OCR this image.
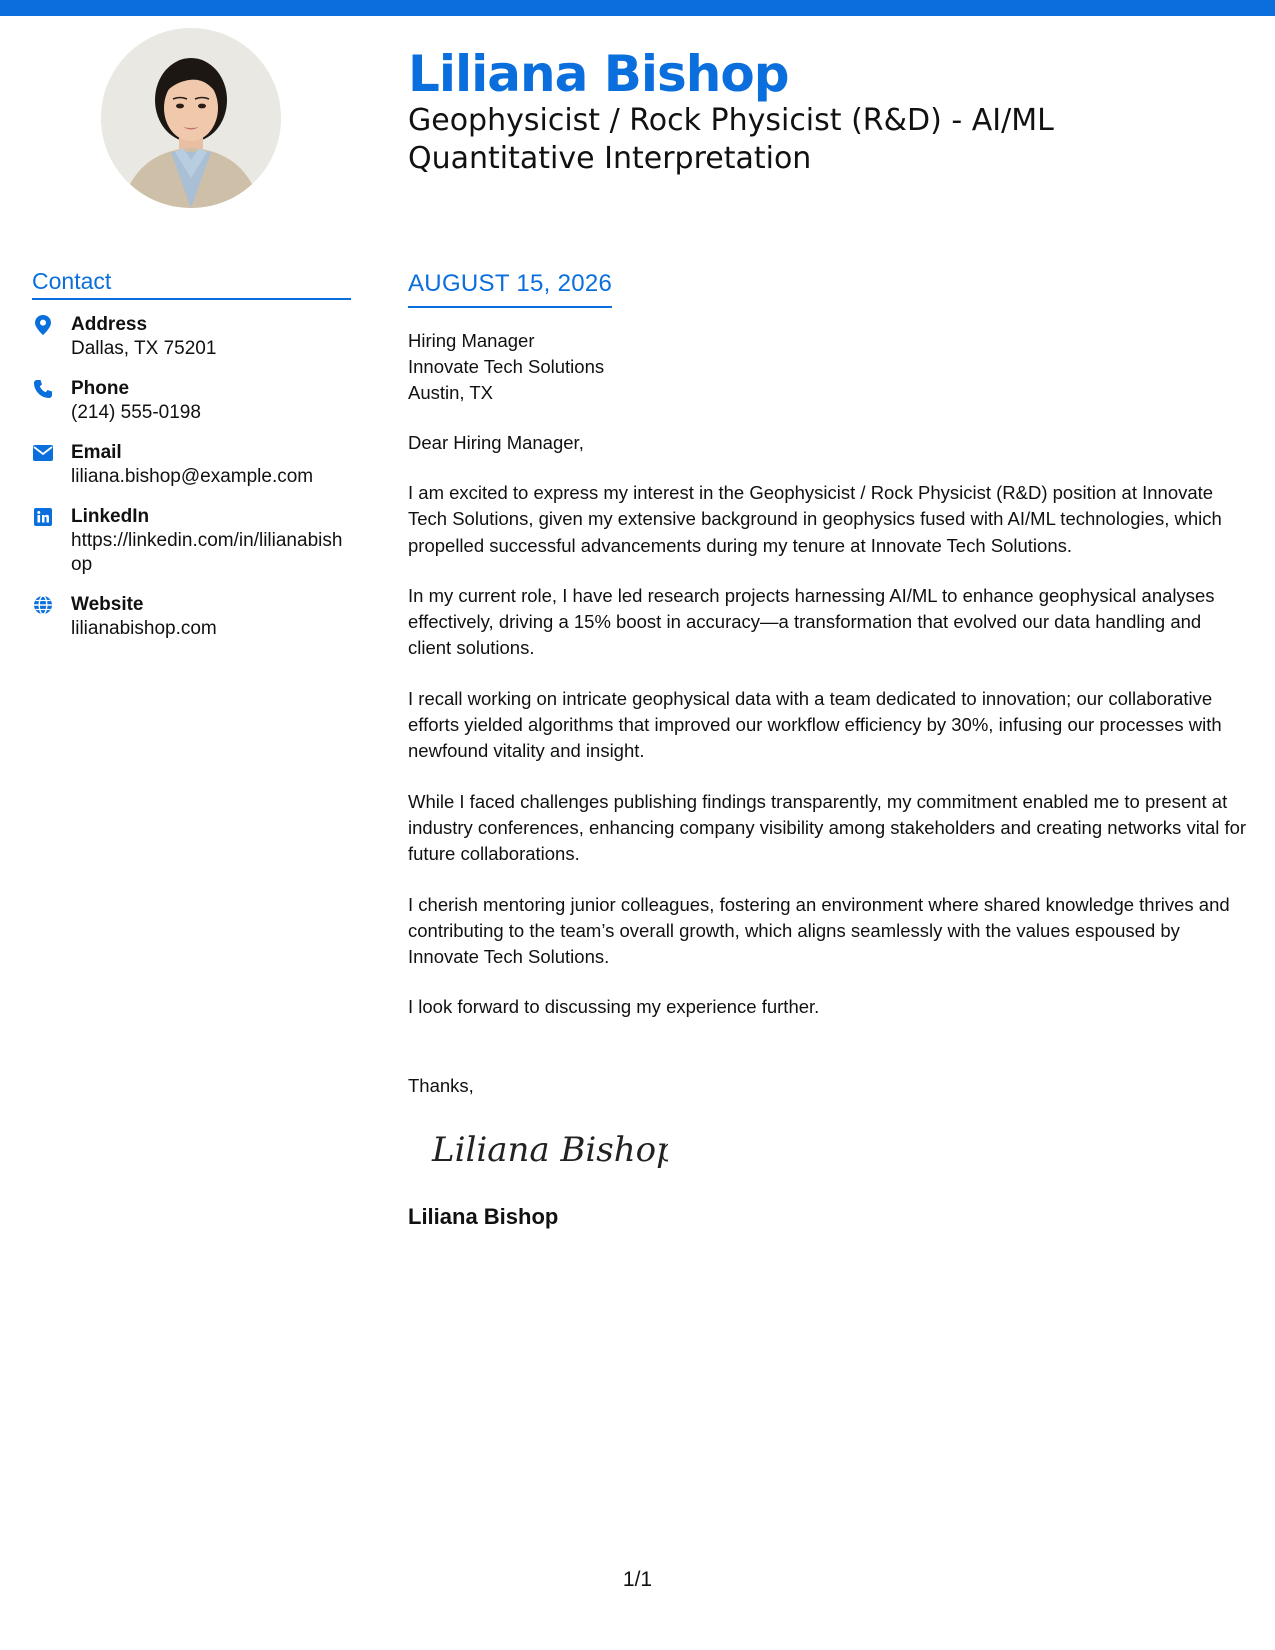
Liliana Bishop
Geophysicist / Rock Physicist (R&D) - AI/ML Quantitative Interpretation
Contact
Address
Dallas, TX 75201
Phone
(214) 555-0198
Email
liliana.bishop@example.com
LinkedIn
https://linkedin.com/in/lilianabishop
Website
lilianabishop.com
AUGUST 15, 2026
Hiring Manager
Innovate Tech Solutions
Austin, TX
Dear Hiring Manager,

I am excited to express my interest in the Geophysicist / Rock Physicist (R&D) position at Innovate Tech Solutions, given my extensive background in geophysics fused with AI/ML technologies, which propelled successful advancements during my tenure at Innovate Tech Solutions.

In my current role, I have led research projects harnessing AI/ML to enhance geophysical analyses effectively, driving a 15% boost in accuracy—a transformation that evolved our data handling and client solutions.

I recall working on intricate geophysical data with a team dedicated to innovation; our collaborative efforts yielded algorithms that improved our workflow efficiency by 30%, infusing our processes with newfound vitality and insight.

While I faced challenges publishing findings transparently, my commitment enabled me to present at industry conferences, enhancing company visibility among stakeholders and creating networks vital for future collaborations.

I cherish mentoring junior colleagues, fostering an environment where shared knowledge thrives and contributing to the team’s overall growth, which aligns seamlessly with the values espoused by Innovate Tech Solutions.

I look forward to discussing my experience further.

Thanks,
Liliana Bishop
Liliana Bishop
1/1
